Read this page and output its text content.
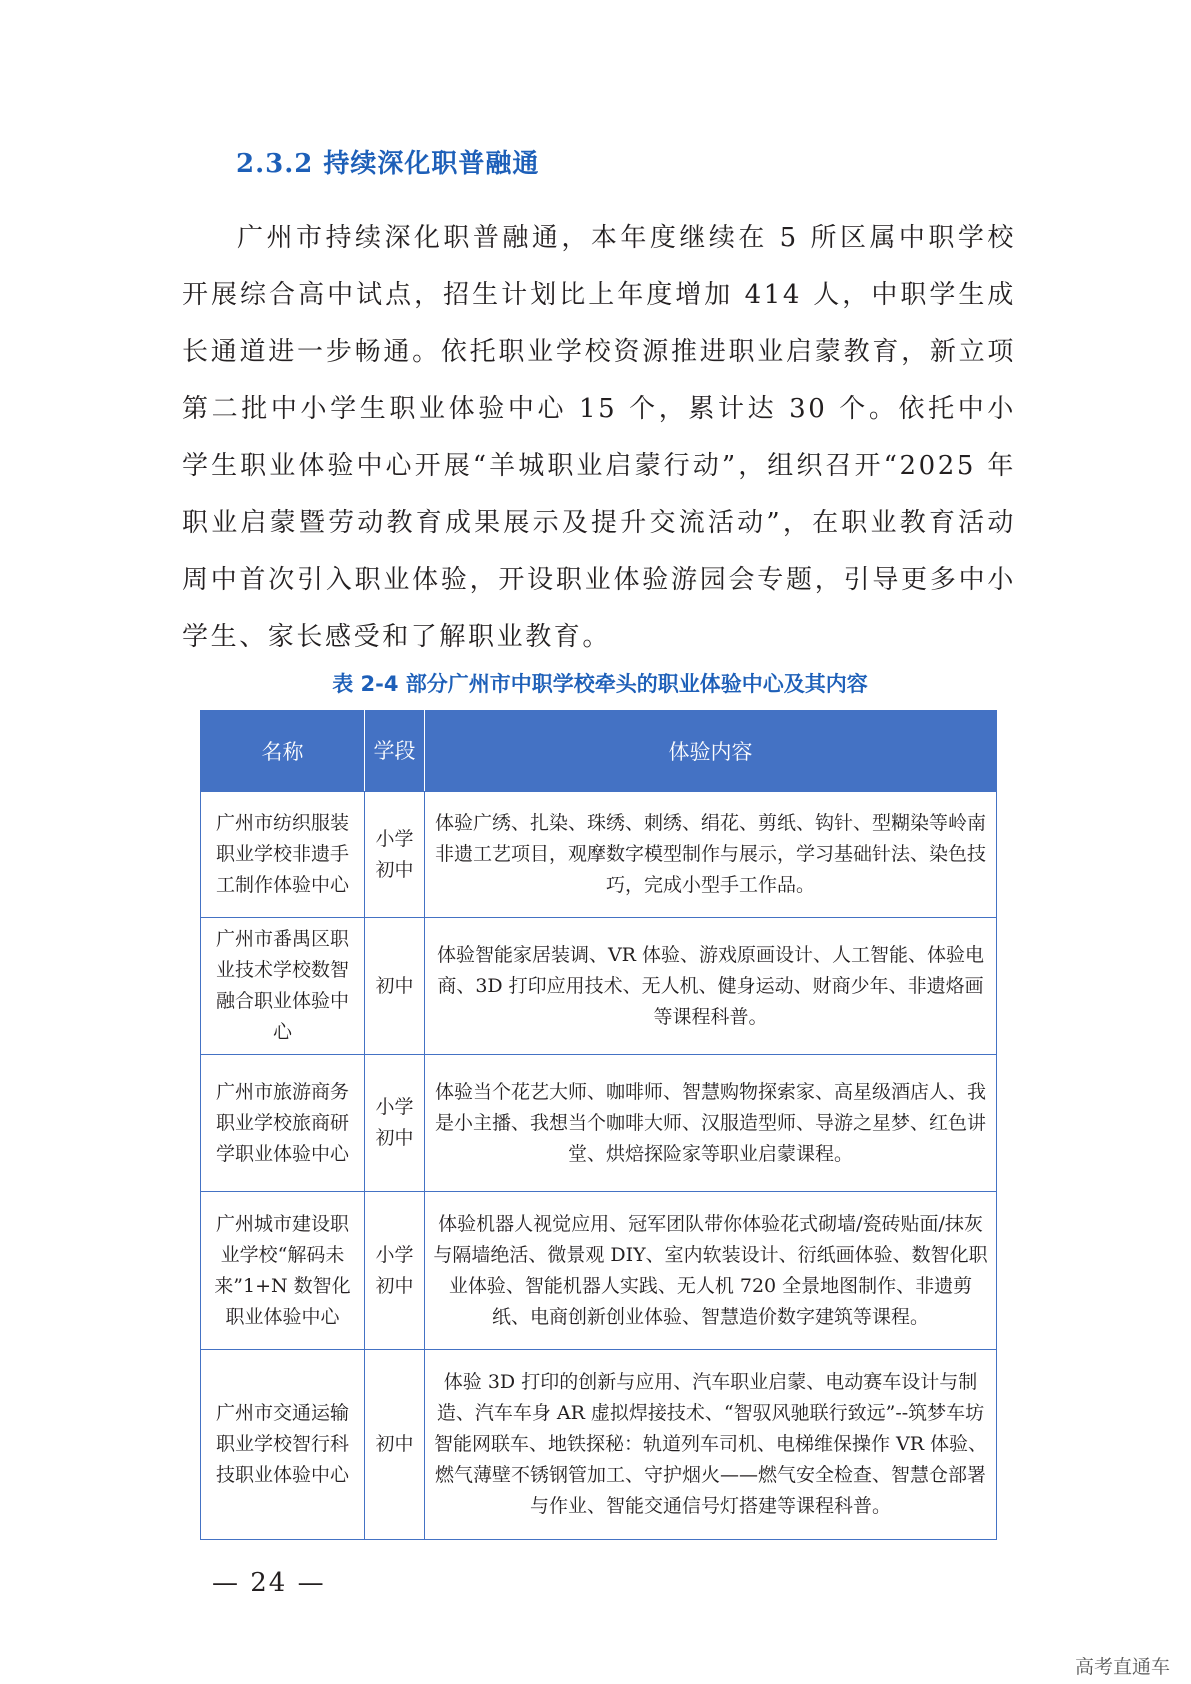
2.3.2 持续深化职普融通

广州市持续深化职普融通，本年度继续在 5 所区属中职学校开展综合高中试点，招生计划比上年度增加 414 人，中职学生成长通道进一步畅通。依托职业学校资源推进职业启蒙教育，新立项第二批中小学生职业体验中心 15 个，累计达 30 个。依托中小学生职业体验中心开展“羊城职业启蒙行动”，组织召开“2025 年职业启蒙暨劳动教育成果展示及提升交流活动”，在职业教育活动周中首次引入职业体验，开设职业体验游园会专题，引导更多中小学生、家长感受和了解职业教育。

表 2-4 部分广州市中职学校牵头的职业体验中心及其内容
名称	学段	体验内容
广州市纺织服装职业学校非遗手工制作体验中心	小学初中	体验广绣、扎染、珠绣、刺绣、绢花、剪纸、钩针、型糊染等岭南非遗工艺项目，观摩数字模型制作与展示，学习基础针法、染色技巧，完成小型手工作品。
广州市番禺区职业技术学校数智融合职业体验中心	初中	体验智能家居装调、VR 体验、游戏原画设计、人工智能、体验电商、3D 打印应用技术、无人机、健身运动、财商少年、非遗烙画等课程科普。
广州市旅游商务职业学校旅商研学职业体验中心	小学初中	体验当个花艺大师、咖啡师、智慧购物探索家、高星级酒店人、我是小主播、我想当个咖啡大师、汉服造型师、导游之星梦、红色讲堂、烘焙探险家等职业启蒙课程。
广州城市建设职业学校“解码未来”1+N 数智化职业体验中心	小学初中	体验机器人视觉应用、冠军团队带你体验花式砌墙/瓷砖贴面/抹灰与隔墙绝活、微景观 DIY、室内软装设计、衍纸画体验、数智化职业体验、智能机器人实践、无人机 720 全景地图制作、非遗剪纸、电商创新创业体验、智慧造价数字建筑等课程。
广州市交通运输职业学校智行科技职业体验中心	初中	体验 3D 打印的创新与应用、汽车职业启蒙、电动赛车设计与制造、汽车车身 AR 虚拟焊接技术、“智驭风驰联行致远”--筑梦车坊智能网联车、地铁探秘：轨道列车司机、电梯维保操作 VR 体验、燃气薄壁不锈钢管加工、守护烟火——燃气安全检查、智慧仓部署与作业、智能交通信号灯搭建等课程科普。
— 24 —
高考直通车
